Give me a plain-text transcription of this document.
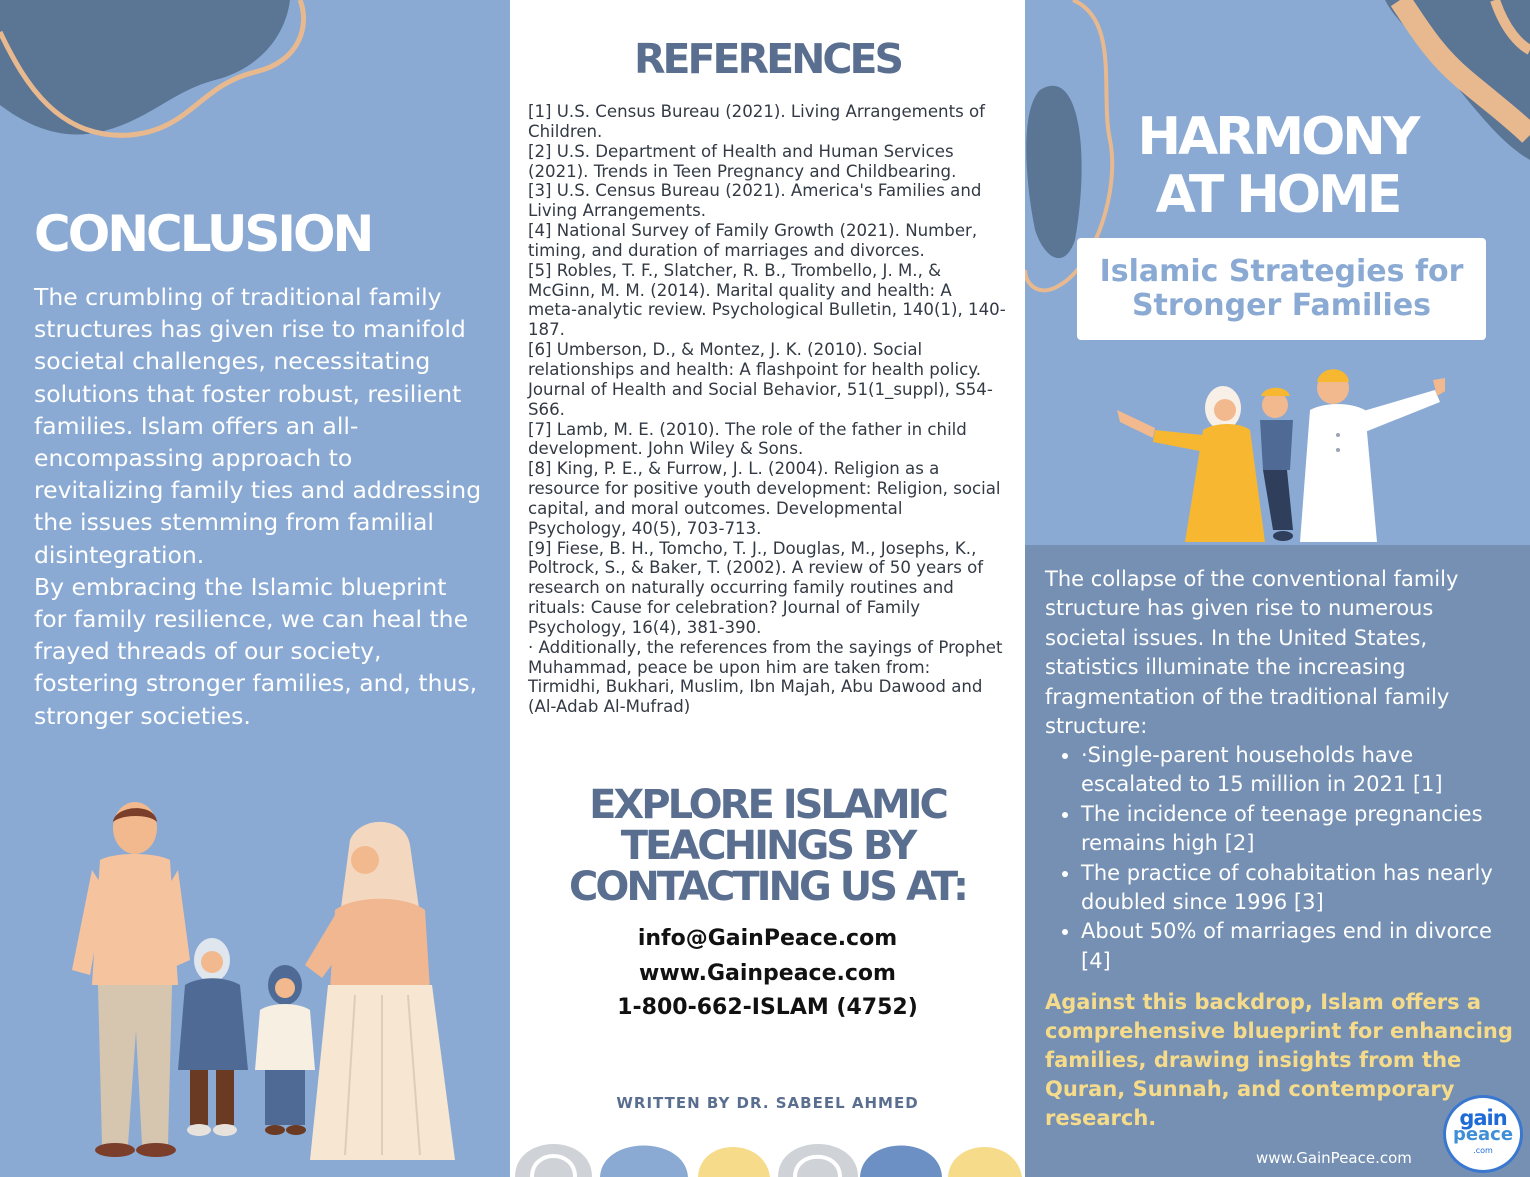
CONCLUSION

The crumbling of traditional family structures has given rise to manifold societal challenges, necessitating solutions that foster robust, resilient families. Islam offers an all-encompassing approach to revitalizing family ties and addressing the issues stemming from familial disintegration.

By embracing the Islamic blueprint for family resilience, we can heal the frayed threads of our society, fostering stronger families, and, thus, stronger societies.

REFERENCES
[1] U.S. Census Bureau (2021). Living Arrangements of Children.
[2] U.S. Department of Health and Human Services (2021). Trends in Teen Pregnancy and Childbearing.
[3] U.S. Census Bureau (2021). America's Families and Living Arrangements.
[4] National Survey of Family Growth (2021). Number, timing, and duration of marriages and divorces.
[5] Robles, T. F., Slatcher, R. B., Trombello, J. M., & McGinn, M. M. (2014). Marital quality and health: A meta-analytic review. Psychological Bulletin, 140(1), 140-187.
[6] Umberson, D., & Montez, J. K. (2010). Social relationships and health: A flashpoint for health policy. Journal of Health and Social Behavior, 51(1_suppl), S54-S66.
[7] Lamb, M. E. (2010). The role of the father in child development. John Wiley & Sons.
[8] King, P. E., & Furrow, J. L. (2004). Religion as a resource for positive youth development: Religion, social capital, and moral outcomes. Developmental Psychology, 40(5), 703-713.
[9] Fiese, B. H., Tomcho, T. J., Douglas, M., Josephs, K., Poltrock, S., & Baker, T. (2002). A review of 50 years of research on naturally occurring family routines and rituals: Cause for celebration? Journal of Family Psychology, 16(4), 381-390.
· Additionally, the references from the sayings of Prophet Muhammad, peace be upon him are taken from: Tirmidhi, Bukhari, Muslim, Ibn Majah, Abu Dawood and (Al-Adab Al-Mufrad)
EXPLORE ISLAMIC
TEACHINGS BY
CONTACTING US AT:
info@GainPeace.com
www.Gainpeace.com
1-800-662-ISLAM (4752)
WRITTEN BY DR. SABEEL AHMED
HARMONY
AT HOME
Islamic Strategies for
Stronger Families

The collapse of the conventional family structure has given rise to numerous societal issues. In the United States, statistics illuminate the increasing fragmentation of the traditional family structure:

• ·Single-parent households have escalated to 15 million in 2021 [1]
• The incidence of teenage pregnancies remains high [2]
• The practice of cohabitation has nearly doubled since 1996 [3]
• About 50% of marriages end in divorce [4]

Against this backdrop, Islam offers a comprehensive blueprint for enhancing families, drawing insights from the Quran, Sunnah, and contemporary research.

www.GainPeace.com
gain
peace
.com
